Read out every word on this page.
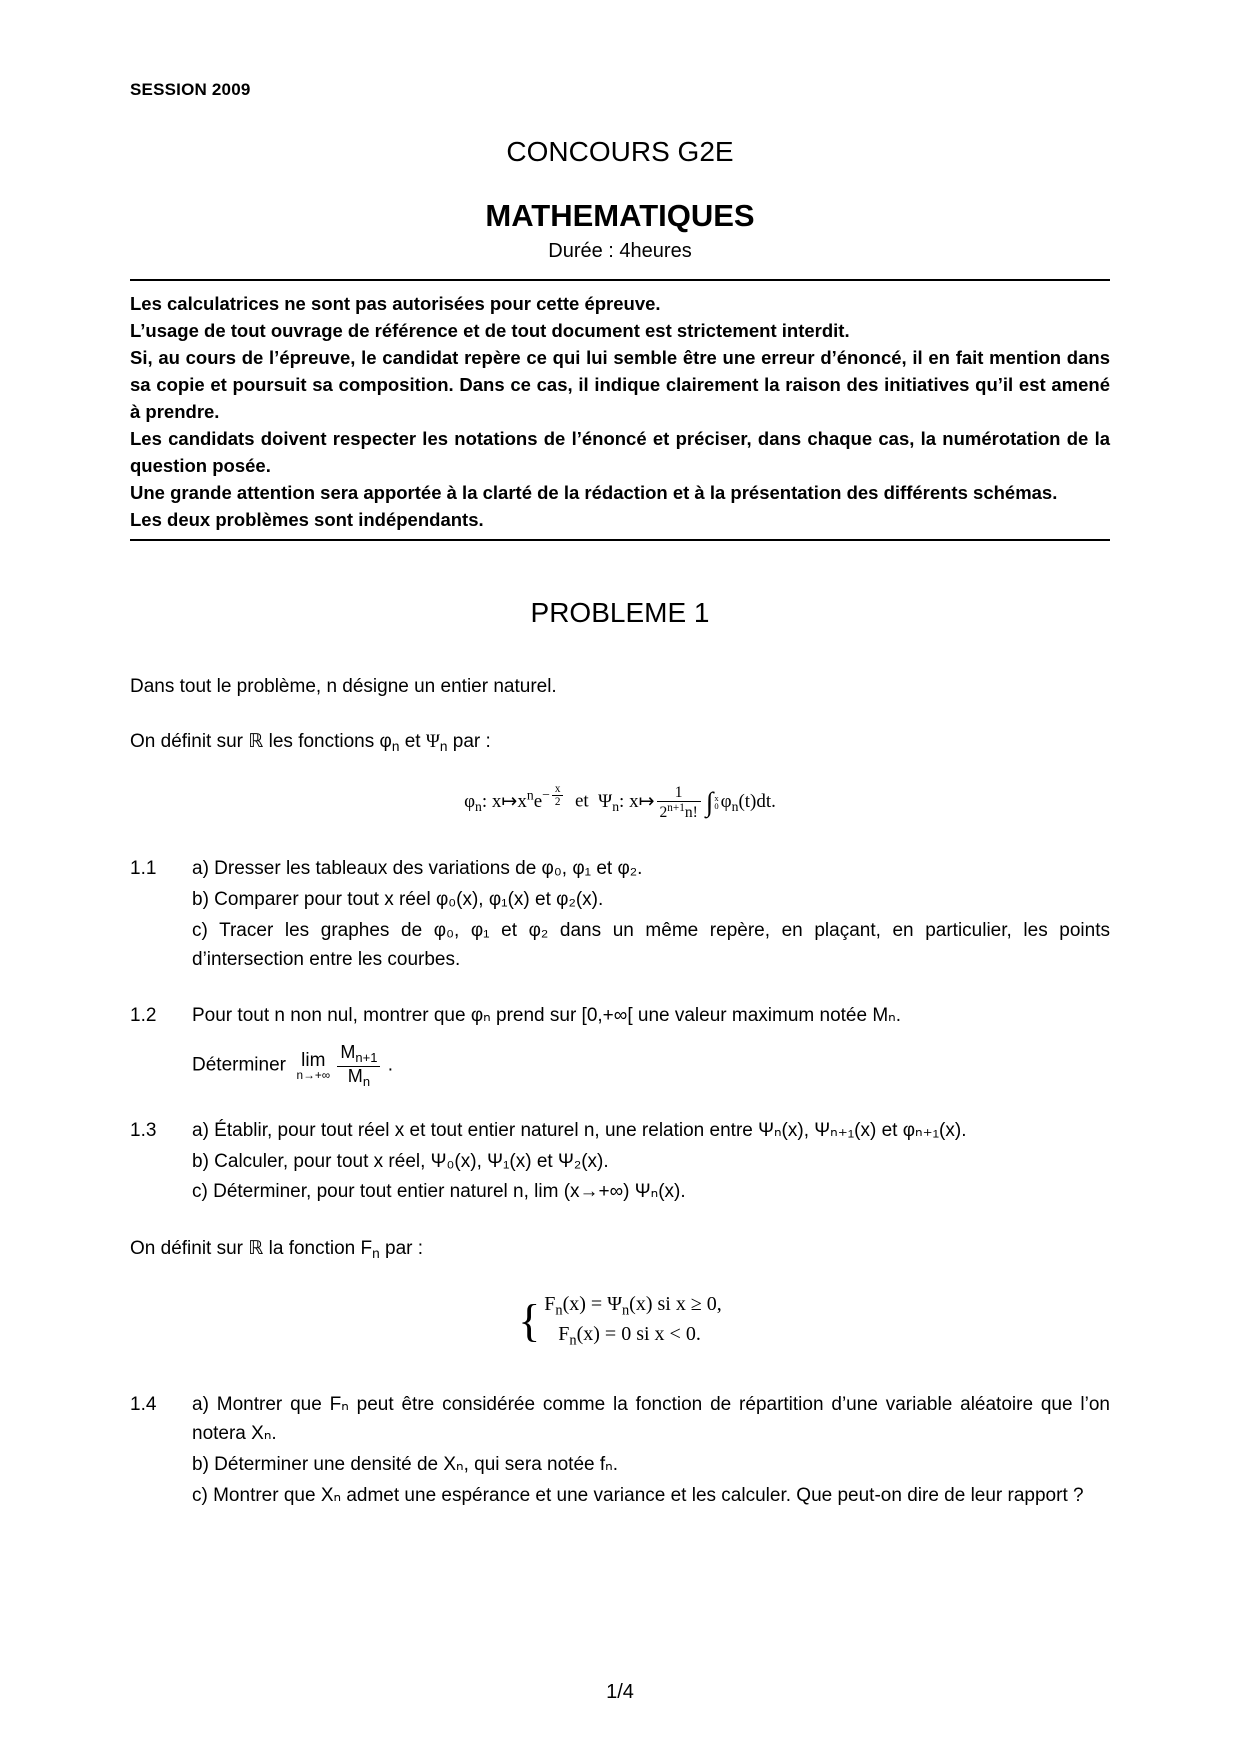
SESSION 2009
CONCOURS G2E
MATHEMATIQUES
Durée : 4heures

Les calculatrices ne sont pas autorisées pour cette épreuve.

L’usage de tout ouvrage de référence et de tout document est strictement interdit.

Si, au cours de l’épreuve, le candidat repère ce qui lui semble être une erreur d’énoncé, il en fait mention dans sa copie et poursuit sa composition. Dans ce cas, il indique clairement la raison des initiatives qu’il est amené à prendre.

Les candidats doivent respecter les notations de l’énoncé et préciser, dans chaque cas, la numérotation de la question posée.

Une grande attention sera apportée à la clarté de la rédaction et à la présentation des différents schémas.

Les deux problèmes sont indépendants.

PROBLEME 1
Dans tout le problème, n désigne un entier naturel.
On définit sur ℝ les fonctions $\varphi_n$ et $\Psi_n$ par :
$\varphi_n$: $x↦x^ne^{- \frac{x}{2}}$ et $\Psi_n$: x↦ $\frac{1}{2^{n+1}n!}$ ∫ x
0 $\varphi_n(t)dt$.
1.1	a) Dresser les tableaux des variations de φ₀, φ₁ et φ₂.
b) Comparer pour tout x réel φ₀(x), φ₁(x) et φ₂(x).
c) Tracer les graphes de φ₀, φ₁ et φ₂ dans un même repère, en plaçant, en particulier, les points d’intersection entre les courbes.
1.2	Pour tout n non nul, montrer que φₙ prend sur [0,+∞[ une valeur maximum notée Mₙ.
Déterminer lim
n→+∞
$\frac{M_{n+1}}{M_n}$ .
1.3	a) Établir, pour tout réel x et tout entier naturel n, une relation entre Ψₙ(x), Ψₙ₊₁(x) et φₙ₊₁(x).
b) Calculer, pour tout x réel, Ψ₀(x), Ψ₁(x) et Ψ₂(x).
c) Déterminer, pour tout entier naturel n, lim (x→+∞) Ψₙ(x).
On définit sur ℝ la fonction $F_n$ par :
{ $F_n(x) = \Psi_n(x)$ si x ≥ 0,
$F_n(x) = 0$ si x < 0.
1.4	a) Montrer que Fₙ peut être considérée comme la fonction de répartition d’une variable aléatoire que l’on notera Xₙ.
b) Déterminer une densité de Xₙ, qui sera notée fₙ.
c) Montrer que Xₙ admet une espérance et une variance et les calculer. Que peut-on dire de leur rapport ?
1/4
